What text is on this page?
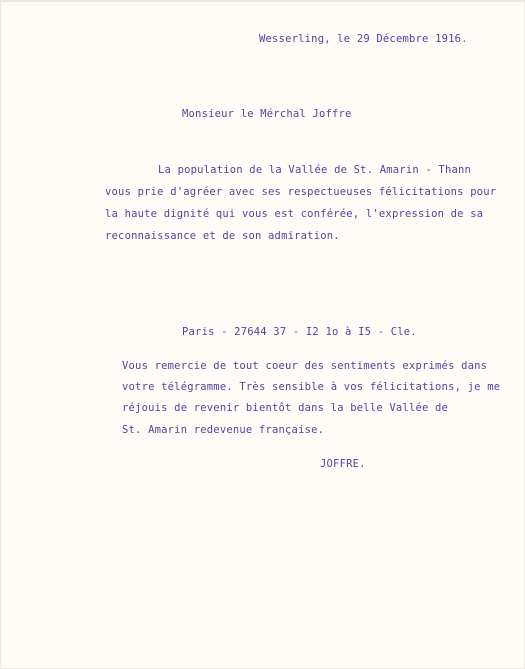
Wesserling, le 29 Décembre 1916.
Monsieur le Mérchal Joffre
La population de la Vallée de St. Amarin - Thann
vous prie d'agréer avec ses respectueuses félicitations pour
la haute dignité qui vous est conférée, l'expression de sa
reconnaissance et de son admiration.
Paris - 27644 37 - I2 1o à I5 - Cle.
Vous remercie de tout coeur des sentiments exprimés dans
votre télégramme. Très sensible à vos félicitations, je me
réjouis de revenir bientôt dans la belle Vallée de
St. Amarin redevenue française.
JOFFRE.
